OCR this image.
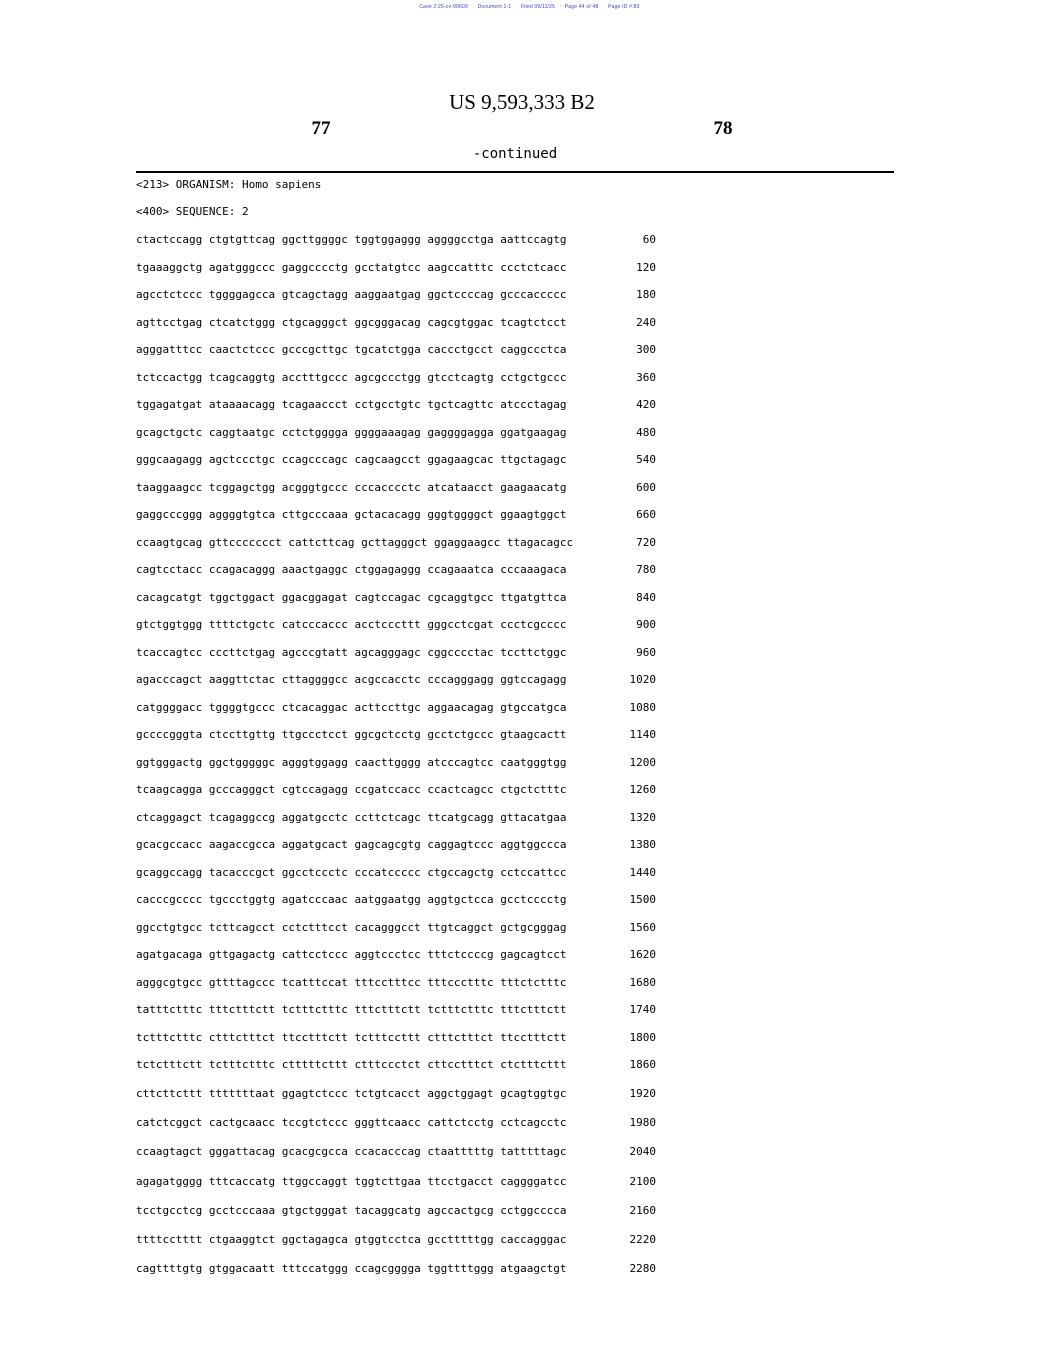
Case 2:25-cv-00609 Document 1-1 Filed 09/11/25 Page 44 of 48 Page ID #:83
US 9,593,333 B2
77	78
-continued
<213> ORGANISM: Homo sapiens
<400> SEQUENCE: 2
ctactccagg ctgtgttcag ggcttggggc tggtggaggg aggggcctga aattccagtg	60
tgaaaggctg agatgggccc gaggcccctg gcctatgtcc aagccatttc ccctctcacc	120
agcctctccc tggggagcca gtcagctagg aaggaatgag ggctccccag gcccaccccc	180
agttcctgag ctcatctggg ctgcagggct ggcgggacag cagcgtggac tcagtctcct	240
agggatttcc caactctccc gcccgcttgc tgcatctgga caccctgcct caggccctca	300
tctccactgg tcagcaggtg acctttgccc agcgccctgg gtcctcagtg cctgctgccc	360
tggagatgat ataaaacagg tcagaaccct cctgcctgtc tgctcagttc atccctagag	420
gcagctgctc caggtaatgc cctctgggga ggggaaagag gaggggagga ggatgaagag	480
gggcaagagg agctccctgc ccagcccagc cagcaagcct ggagaagcac ttgctagagc	540
taaggaagcc tcggagctgg acgggtgccc cccacccctc atcataacct gaagaacatg	600
gaggcccggg aggggtgtca cttgcccaaa gctacacagg gggtggggct ggaagtggct	660
ccaagtgcag gttccccccct cattcttcag gcttagggct ggaggaagcc ttagacagcc	720
cagtcctacc ccagacaggg aaactgaggc ctggagaggg ccagaaatca cccaaagaca	780
cacagcatgt tggctggact ggacggagat cagtccagac cgcaggtgcc ttgatgttca	840
gtctggtggg ttttctgctc catcccaccc acctcccttt gggcctcgat ccctcgcccc	900
tcaccagtcc cccttctgag agcccgtatt agcagggagc cggcccctac tccttctggc	960
agacccagct aaggttctac cttaggggcc acgccacctc cccagggagg ggtccagagg	1020
catggggacc tggggtgccc ctcacaggac acttccttgc aggaacagag gtgccatgca	1080
gccccgggta ctccttgttg ttgccctcct ggcgctcctg gcctctgccc gtaagcactt	1140
ggtgggactg ggctgggggc agggtggagg caacttgggg atcccagtcc caatgggtgg	1200
tcaagcagga gcccagggct cgtccagagg ccgatccacc ccactcagcc ctgctctttc	1260
ctcaggagct tcagaggccg aggatgcctc ccttctcagc ttcatgcagg gttacatgaa	1320
gcacgccacc aagaccgcca aggatgcact gagcagcgtg caggagtccc aggtggccca	1380
gcaggccagg tacacccgct ggcctccctc cccatccccc ctgccagctg cctccattcc	1440
cacccgcccc tgccctggtg agatcccaac aatggaatgg aggtgctcca gcctcccctg	1500
ggcctgtgcc tcttcagcct cctctttcct cacagggcct ttgtcaggct gctgcgggag	1560
agatgacaga gttgagactg cattcctccc aggtccctcc tttctccccg gagcagtcct	1620
agggcgtgcc gttttagccc tcatttccat tttcctttcc tttccctttc tttctctttc	1680
tatttctttc tttctttctt tctttctttc tttctttctt tctttctttc tttctttctt	1740
tctttctttc ctttctttct ttcctttctt tctttccttt ctttctttct ttcctttctt	1800
tctctttctt tctttctttc ctttttcttt ctttccctct cttcctttct ctctttcttt	1860
cttcttcttt tttttttaat ggagtctccc tctgtcacct aggctggagt gcagtggtgc	1920
catctcggct cactgcaacc tccgtctccc gggttcaacc cattctcctg cctcagcctc	1980
ccaagtagct gggattacag gcacgcgcca ccacacccag ctaatttttg tatttttagc	2040
agagatgggg tttcaccatg ttggccaggt tggtcttgaa ttcctgacct caggggatcc	2100
tcctgcctcg gcctcccaaa gtgctgggat tacaggcatg agccactgcg cctggcccca	2160
ttttcctttt ctgaaggtct ggctagagca gtggtcctca gcctttttgg caccagggac	2220
cagttttgtg gtggacaatt tttccatggg ccagcgggga tggttttggg atgaagctgt	2280
